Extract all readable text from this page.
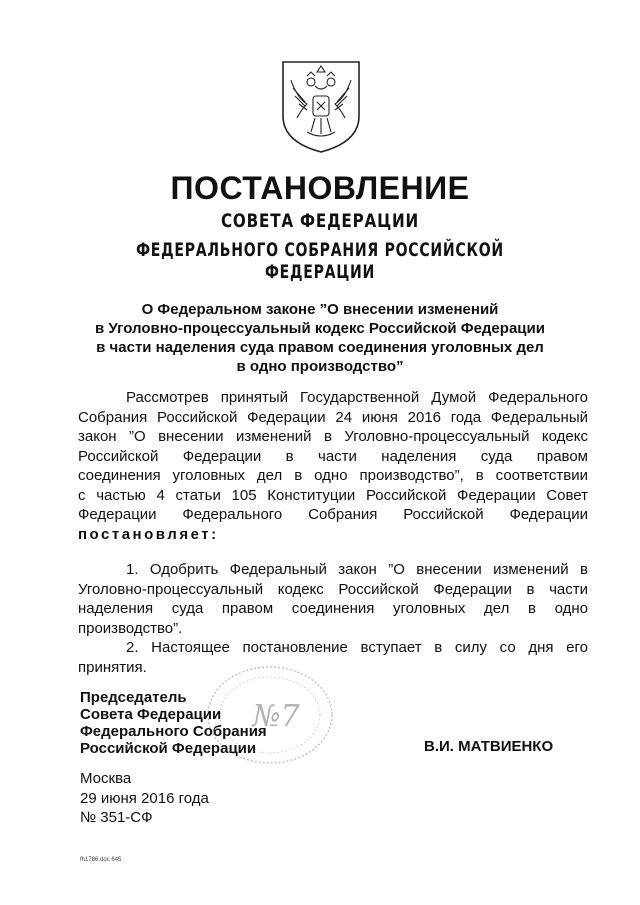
ПОСТАНОВЛЕНИЕ
СОВЕТА ФЕДЕРАЦИИ
ФЕДЕРАЛЬНОГО СОБРАНИЯ РОССИЙСКОЙ ФЕДЕРАЦИИ
О Федеральном законе ”О внесении изменений
в Уголовно-процессуальный кодекс Российской Федерации
в части наделения суда правом соединения уголовных дел
в одно производство”
Рассмотрев принятый Государственной Думой Федерального
Собрания Российской Федерации 24 июня 2016 года Федеральный
закон ”О внесении изменений в Уголовно-процессуальный кодекс
Российской Федерации в части наделения суда правом
соединения уголовных дел в одно производство”, в соответствии
с частью 4 статьи 105 Конституции Российской Федерации Совет
Федерации Федерального Собрания Российской Федерации
постановляет:
1. Одобрить Федеральный закон ”О внесении изменений в
Уголовно-процессуальный кодекс Российской Федерации в части
наделения суда правом соединения уголовных дел в одно
производство”.
2. Настоящее постановление вступает в силу со дня его
принятия.
№7
Председатель
Совета Федерации
Федерального Собрания
Российской Федерации	В.И. МАТВИЕНКО
Москва
29 июня 2016 года
№ 351-СФ
fh1786.doc 645
